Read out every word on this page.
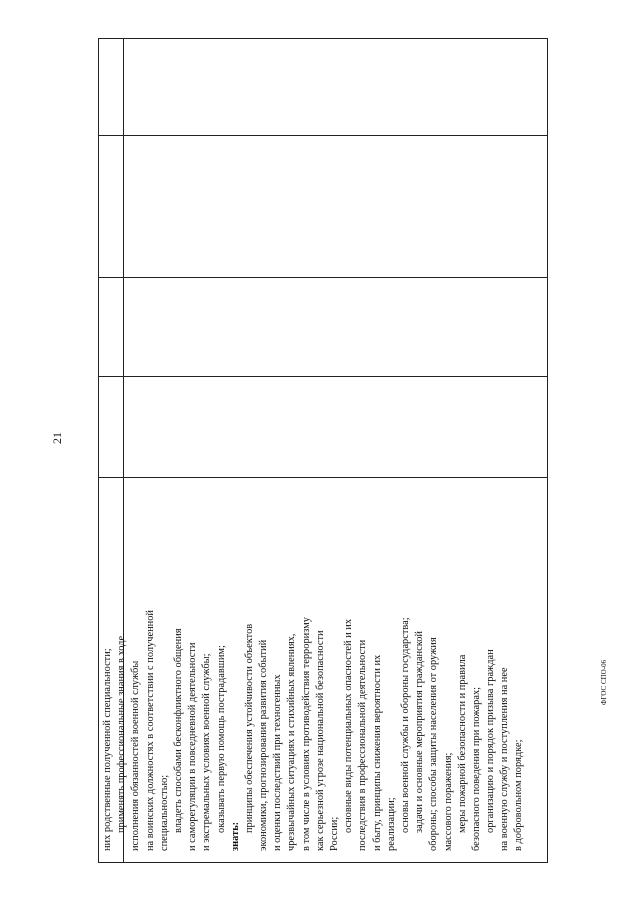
21
них родственные полученной специальности; применять профессиональные знания в ходе исполнения обязанностей военной службы на воинских должностях в соответствии с полученной специальностью; владеть способами бесконфликтного общения и саморегуляции в повседневной деятельности и экстремальных условиях военной службы; оказывать первую помощь пострадавшим;
знать:
принципы обеспечения устойчивости объектов экономики, прогнозирования развития событий и оценки последствий при техногенных чрезвычайных ситуациях и стихийных явлениях, в том числе в условиях противодействия терроризму как серьезной угрозе национальной безопасности России;
основные виды потенциальных опасностей и их последствия в профессиональной деятельности и быту, принципы снижения вероятности их реализации; основы военной службы и обороны государства; задачи и основные мероприятия гражданской обороны; способы защиты населения от оружия массового поражения; меры пожарной безопасности и правила безопасного поведения при пожарах; организацию и порядок призыва граждан на военную службу и поступления на нее в добровольном порядке;
ФГОС СПО-06
